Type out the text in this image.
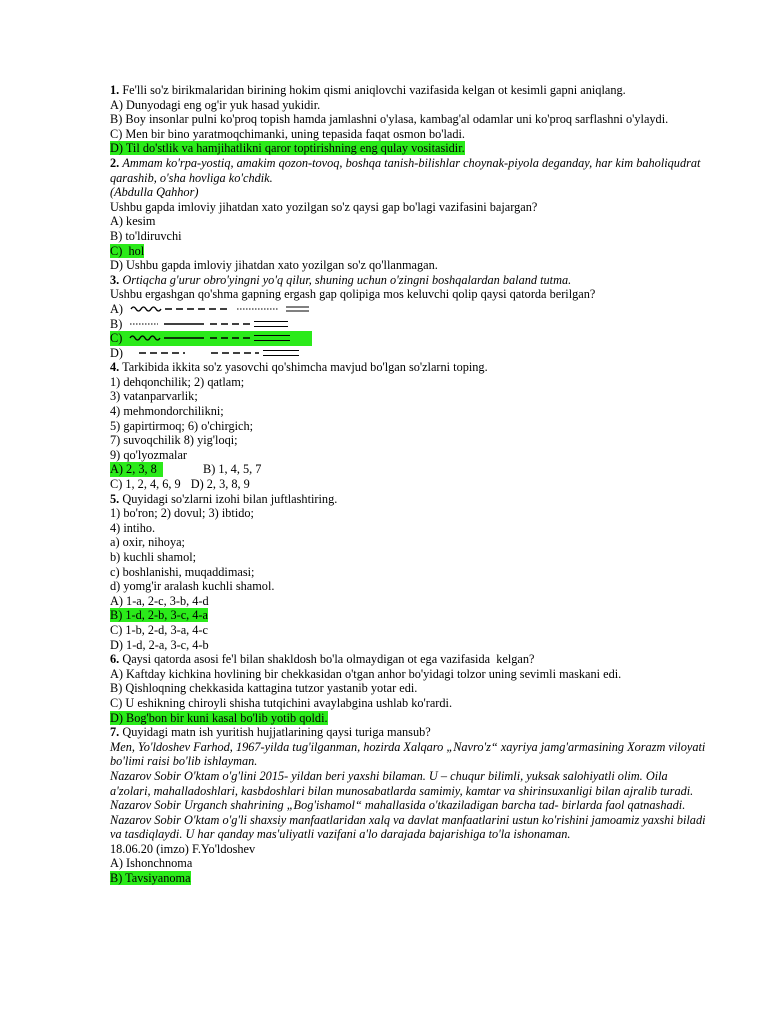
1. Fe'lli so'z birikmalaridan birining hokim qismi aniqlovchi vazifasida kelgan ot kesimli gapni aniqlang.
A) Dunyodagi eng og'ir yuk hasad yukidir.
B) Boy insonlar pulni ko'proq topish hamda jamlashni o'ylasa, kambag'al odamlar uni ko'proq sarflashni o'ylaydi.
C) Men bir bino yaratmoqchimanki, uning tepasida faqat osmon bo'ladi.
D) Til do'stlik va hamjihatlikni qaror toptirishning eng qulay vositasidir.
2. Ammam ko'rpa-yostiq, amakim qozon-tovoq, boshqa tanish-bilishlar choynak-piyola deganday, har kim baholiqudrat qarashib, o'sha hovliga ko'chdik.
(Abdulla Qahhor)
Ushbu gapda imloviy jihatdan xato yozilgan so'z qaysi gap bo'lagi vazifasini bajargan?
A) kesim
B) to'ldiruvchi
C)  hol
D) Ushbu gapda imloviy jihatdan xato yozilgan so'z qo'llanmagan.
3. Ortiqcha g'urur obro'yingni yo'q qilur, shuning uchun o'zingni boshqalardan baland tutma.
Ushbu ergashgan qo'shma gapning ergash gap qolipiga mos keluvchi qolip qaysi qatorda berilgan?
A)
B)
C)
D)
4. Tarkibida ikkita so'z yasovchi qo'shimcha mavjud bo'lgan so'zlarni toping.
1) dehqonchilik; 2) qatlam;
3) vatanparvarlik;
4) mehmondorchilikni;
5) gapirtirmoq; 6) o'chirgich;
7) suvoqchilik 8) yig'loqi;
9) qo'lyozmalar
A) 2, 3, 8	B) 1, 4, 5, 7
C) 1, 2, 4, 6, 9 D) 2, 3, 8, 9
5. Quyidagi so'zlarni izohi bilan juftlashtiring.
1) bo'ron; 2) dovul; 3) ibtido;
4) intiho.
a) oxir, nihoya;
b) kuchli shamol;
c) boshlanishi, muqaddimasi;
d) yomg'ir aralash kuchli shamol.
A) 1-a, 2-c, 3-b, 4-d
B) 1-d, 2-b, 3-c, 4-a
C) 1-b, 2-d, 3-a, 4-c
D) 1-d, 2-a, 3-c, 4-b
6. Qaysi qatorda asosi fe'l bilan shakldosh bo'la olmaydigan ot ega vazifasida  kelgan?
A) Kaftday kichkina hovlining bir chekkasidan o'tgan anhor bo'yidagi tolzor uning sevimli maskani edi.
B) Qishloqning chekkasida kattagina tutzor yastanib yotar edi.
C) U eshikning chiroyli shisha tutqichini avaylabgina ushlab ko'rardi.
D) Bog'bon bir kuni kasal bo'lib yotib qoldi.
7. Quyidagi matn ish yuritish hujjatlarining qaysi turiga mansub?
Men, Yo'ldoshev Farhod, 1967-yilda tug'ilganman, hozirda Xalqaro „Navro'z“ xayriya jamg'armasining Xorazm viloyati bo'limi raisi bo'lib ishlayman.
Nazarov Sobir O'ktam o'g'lini 2015- yildan beri yaxshi bilaman. U – chuqur bilimli, yuksak salohiyatli olim. Oila a'zolari, mahalladoshlari, kasbdoshlari bilan munosabatlarda samimiy, kamtar va shirinsuxanligi bilan ajralib turadi. Nazarov Sobir Urganch shahrining „Bog'ishamol“ mahallasida o'tkaziladigan barcha tad- birlarda faol qatnashadi. Nazarov Sobir O'ktam o'g'li shaxsiy manfaatlaridan xalq va davlat manfaatlarini ustun ko'rishini jamoamiz yaxshi biladi va tasdiqlaydi. U har qanday mas'uliyatli vazifani a'lo darajada bajarishiga to'la ishonaman.
18.06.20 (imzo) F.Yo'ldoshev
A) Ishonchnoma
B) Tavsiyanoma
